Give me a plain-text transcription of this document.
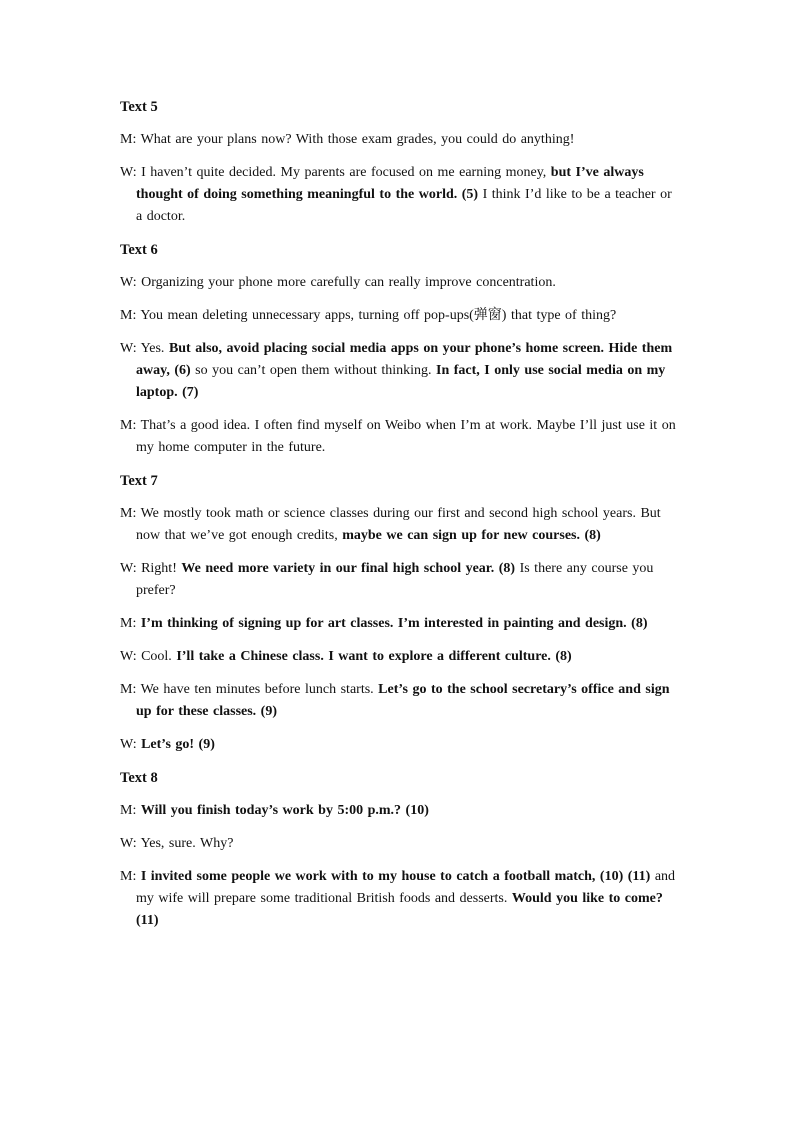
Text 5
M: What are your plans now? With those exam grades, you could do anything!
W: I haven’t quite decided. My parents are focused on me earning money, but I’ve always thought of doing something meaningful to the world. (5) I think I’d like to be a teacher or a doctor.
Text 6
W: Organizing your phone more carefully can really improve concentration.
M: You mean deleting unnecessary apps, turning off pop-ups(弹窗) that type of thing?
W: Yes. But also, avoid placing social media apps on your phone’s home screen. Hide them away, (6) so you can’t open them without thinking. In fact, I only use social media on my laptop. (7)
M: That’s a good idea. I often find myself on Weibo when I’m at work. Maybe I’ll just use it on my home computer in the future.
Text 7
M: We mostly took math or science classes during our first and second high school years. But now that we’ve got enough credits, maybe we can sign up for new courses. (8)
W: Right! We need more variety in our final high school year. (8) Is there any course you prefer?
M: I’m thinking of signing up for art classes. I’m interested in painting and design. (8)
W: Cool. I’ll take a Chinese class. I want to explore a different culture. (8)
M: We have ten minutes before lunch starts. Let’s go to the school secretary’s office and sign up for these classes. (9)
W: Let’s go! (9)
Text 8
M: Will you finish today’s work by 5:00 p.m.? (10)
W: Yes, sure. Why?
M: I invited some people we work with to my house to catch a football match, (10) (11) and my wife will prepare some traditional British foods and desserts. Would you like to come? (11)
